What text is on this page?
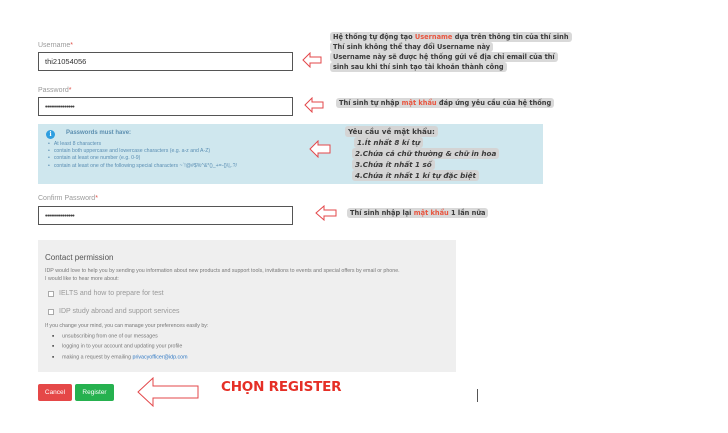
Username*
thi21054056
Password*
•••••••••••••••
i	Passwords must have:
• At least 8 characters
• contain both uppercase and lowercase characters (e.g. a-z and A-Z)
• contain at least one number (e.g. 0-9)
• contain at least one of the following special characters ~`!@#$%^&*()_+=-{}\|,.?/
Confirm Password*
•••••••••••••••
Contact permission
IDP would love to help you by sending you information about new products and support tools, invitations to events and special offers by email or phone.
I would like to hear more about:
IELTS and how to prepare for test
IDP study abroad and support services
If you change your mind, you can manage your preferences easily by:
■ unsubscribing from one of our messages
■ logging in to your account and updating your profile
■ making a request by emailing privacyofficer@idp.com
Cancel	Register
Hệ thống tự động tạo Username dựa trên thông tin của thí sinh
Thí sinh không thể thay đổi Username này
Username này sẽ được hệ thống gửi về địa chỉ email của thí
sinh sau khi thí sinh tạo tài khoản thành công
Thí sinh tự nhập mật khẩu đáp ứng yêu cầu của hệ thống
Yêu cầu về mật khẩu:
1.Ít nhất 8 kí tự
2.Chứa cả chữ thường & chữ in hoa
3.Chứa ít nhất 1 số
4.Chứa ít nhất 1 kí tự đặc biệt
Thí sinh nhập lại mật khẩu 1 lần nữa
CHỌN REGISTER
